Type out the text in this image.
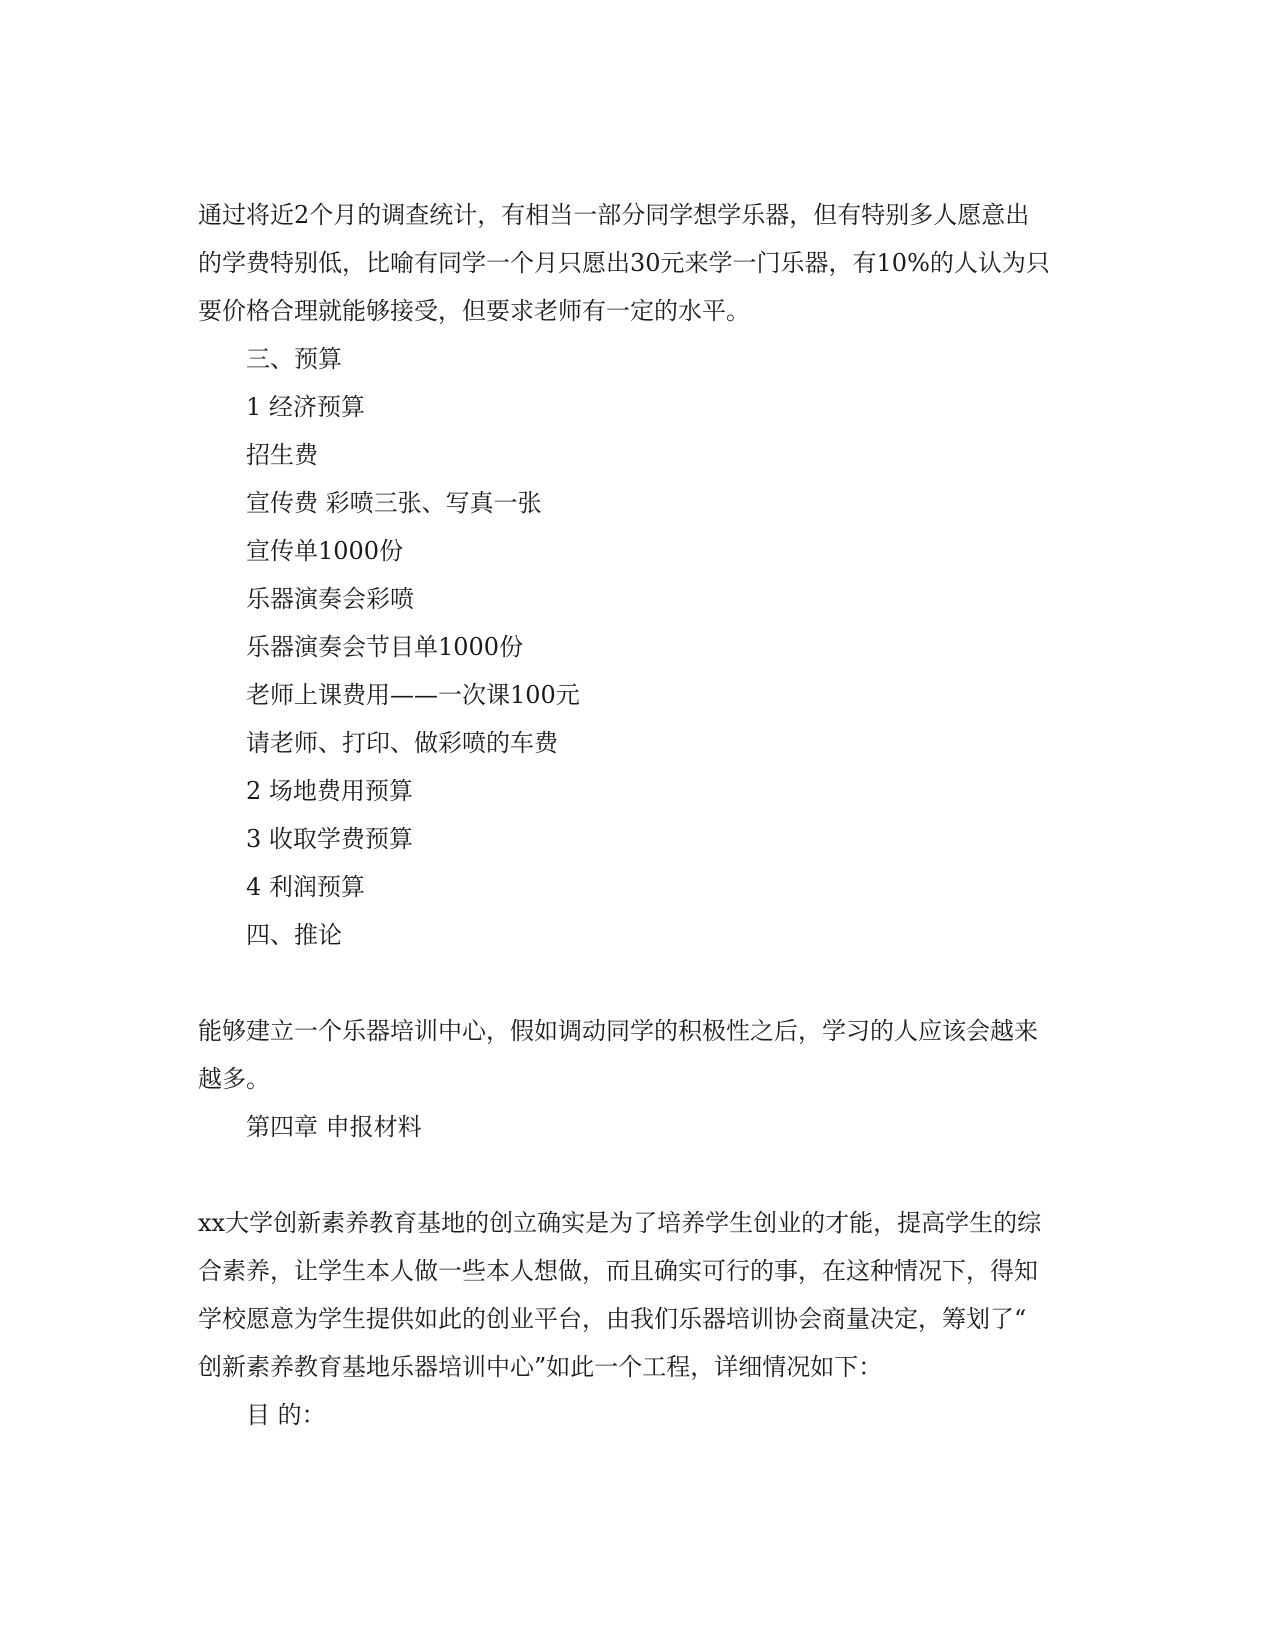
通过将近2个月的调查统计，有相当一部分同学想学乐器，但有特别多人愿意出
的学费特别低，比喻有同学一个月只愿出30元来学一门乐器，有10%的人认为只
要价格合理就能够接受，但要求老师有一定的水平。
三、预算
1 经济预算
招生费
宣传费 彩喷三张、写真一张
宣传单1000份
乐器演奏会彩喷
乐器演奏会节目单1000份
老师上课费用——一次课100元
请老师、打印、做彩喷的车费
2 场地费用预算
3 收取学费预算
4 利润预算
四、推论
能够建立一个乐器培训中心，假如调动同学的积极性之后，学习的人应该会越来
越多。
第四章 申报材料
xx大学创新素养教育基地的创立确实是为了培养学生创业的才能，提高学生的综
合素养，让学生本人做一些本人想做，而且确实可行的事，在这种情况下，得知
学校愿意为学生提供如此的创业平台，由我们乐器培训协会商量决定，筹划了“
创新素养教育基地乐器培训中心”如此一个工程，详细情况如下：
目 的：
